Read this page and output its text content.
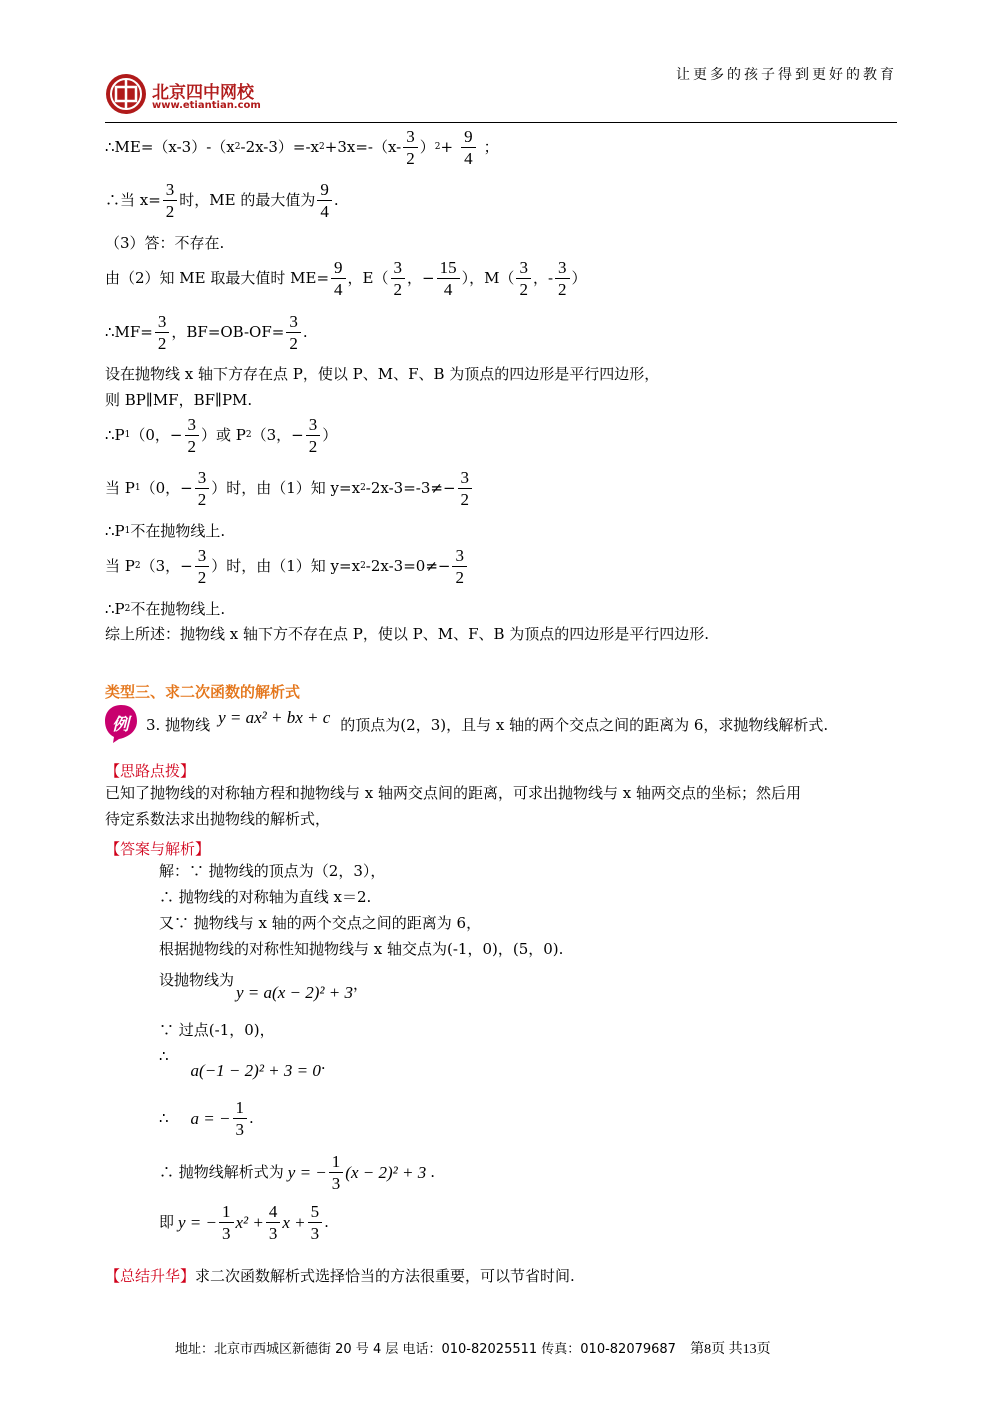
让更多的孩子得到更好的教育
北京四中网校
www.etiantian.com
∴ME=（x-3）-（x 2 -2x-3）=-x $2 +3x=-(x- \frac{3}{2}$ ） $2 + \frac{9}{4}$ ；
∴当 $x= \frac{3}{2}$ 时，ME 的最大值为 $\frac{9}{4}$ .
（3）答：不存在.
由（2）知 ME 取最大值时 $ME= \frac{9}{4}$ ，$E( \frac{3}{2}$ ，− $\frac{15}{4}$ ），$M( \frac{3}{2}$ ，- $\frac{3}{2}$ ）
∴MF= $\frac{3}{2}$ ，$BF=OB-OF= \frac{3}{2}$ .
设在抛物线 x 轴下方存在点 P，使以 P、M、F、B 为顶点的四边形是平行四边形，
则 BP∥MF，BF∥PM.
∴P 1 （0，− $\frac{3}{2}$ ）或 P 2 （3，− $\frac{3}{2}$ ）
当 P 1 （0，− $\frac{3}{2}$ ）时，由（1）知 y=x 2 $-2x-3=-3\ne- \frac{3}{2}$
∴P 1 不在抛物线上.
当 P 2 （3，− $\frac{3}{2}$ ）时，由（1）知 y=x 2 $-2x-3=0\ne- \frac{3}{2}$
∴P 2 不在抛物线上.
综上所述：抛物线 x 轴下方不存在点 P，使以 P、M、F、B 为顶点的四边形是平行四边形.
类型三、求二次函数的解析式
例 3. 抛物线 y = ax² + bx + c 的顶点为(2，3)，且与 x 轴的两个交点之间的距离为 6，求抛物线解析式.
【思路点拨】
已知了抛物线的对称轴方程和抛物线与 x 轴两交点间的距离，可求出抛物线与 x 轴两交点的坐标；然后用
待定系数法求出抛物线的解析式，
【答案与解析】
解：∵ 抛物线的顶点为（2，3），
∴ 抛物线的对称轴为直线 x＝2.
又∵ 抛物线与 x 轴的两个交点之间的距离为 6，
根据抛物线的对称性知抛物线与 x 轴交点为(-1，0)，(5，0).
设抛物线为
y = a(x − 2)² + 3 ，
∵ 过点(-1，0)，
∴
a(−1 − 2)² + 3 = 0 .
∴ a = − $\frac{1}{3}$ .
∴ 抛物线解析式为 y = − $\frac{1}{3} (x - 2)^2 + 3$ .
即 y = − $\frac{1}{3} x^2 + \frac{4}{3}$ $x + \frac{5}{3}$ .
【总结升华】 求二次函数解析式选择恰当的方法很重要，可以节省时间.
地址：北京市西城区新德街 20 号 4 层 电话：010-82025511 传真：010-82079687 第8页 共13页
